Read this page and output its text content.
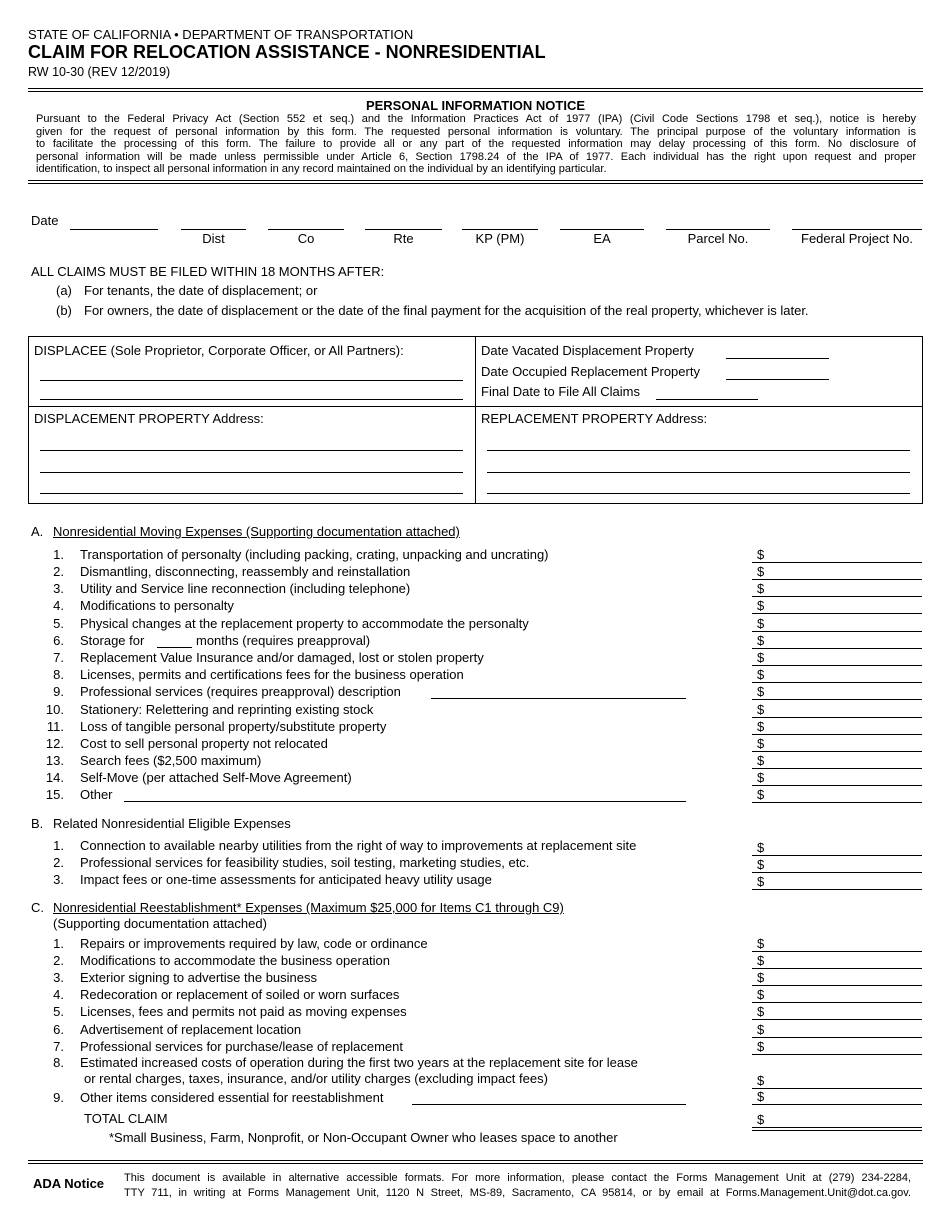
STATE OF CALIFORNIA • DEPARTMENT OF TRANSPORTATION
CLAIM FOR RELOCATION ASSISTANCE - NONRESIDENTIAL
RW 10-30 (REV 12/2019)
PERSONAL INFORMATION NOTICE
Pursuant to the Federal Privacy Act (Section 552 et seq.) and the Information Practices Act of 1977 (IPA) (Civil Code Sections 1798 et seq.), notice is hereby
given for the request of personal information by this form. The requested personal information is voluntary. The principal purpose of the voluntary information is
to facilitate the processing of this form. The failure to provide all or any part of the requested information may delay processing of this form. No disclosure of
personal information will be made unless permissible under Article 6, Section 1798.24 of the IPA of 1977. Each individual has the right upon request and proper
identification, to inspect all personal information in any record maintained on the individual by an identifying particular.
Date
Dist	Co	Rte	KP (PM)	EA	Parcel No.	Federal Project No.
ALL CLAIMS MUST BE FILED WITHIN 18 MONTHS AFTER:
(a) For tenants, the date of displacement; or
(b) For owners, the date of displacement or the date of the final payment for the acquisition of the real property, whichever is later.
DISPLACEE (Sole Proprietor, Corporate Officer, or All Partners):	Date Vacated Displacement Property
Date Occupied Replacement Property
Final Date to File All Claims
DISPLACEMENT PROPERTY Address:	REPLACEMENT PROPERTY Address:
A. Nonresidential Moving Expenses (Supporting documentation attached)
1. Transportation of personalty (including packing, crating, unpacking and uncrating)	$
2. Dismantling, disconnecting, reassembly and reinstallation	$
3. Utility and Service line reconnection (including telephone)	$
4. Modifications to personalty	$
5. Physical changes at the replacement property to accommodate the personalty	$
6. Storage for	months (requires preapproval)	$
7. Replacement Value Insurance and/or damaged, lost or stolen property	$
8. Licenses, permits and certifications fees for the business operation	$
9. Professional services (requires preapproval) description	$
10. Stationery: Relettering and reprinting existing stock	$
11. Loss of tangible personal property/substitute property	$
12. Cost to sell personal property not relocated	$
13. Search fees ($2,500 maximum)	$
14. Self-Move (per attached Self-Move Agreement)	$
15. Other	$
B. Related Nonresidential Eligible Expenses
1. Connection to available nearby utilities from the right of way to improvements at replacement site	$
2. Professional services for feasibility studies, soil testing, marketing studies, etc.	$
3. Impact fees or one-time assessments for anticipated heavy utility usage	$
C. Nonresidential Reestablishment* Expenses (Maximum $25,000 for Items C1 through C9)
(Supporting documentation attached)
1. Repairs or improvements required by law, code or ordinance	$
2. Modifications to accommodate the business operation	$
3. Exterior signing to advertise the business	$
4. Redecoration or replacement of soiled or worn surfaces	$
5. Licenses, fees and permits not paid as moving expenses	$
6. Advertisement of replacement location	$
7. Professional services for purchase/lease of replacement	$
8. Estimated increased costs of operation during the first two years at the replacement site for lease
or rental charges, taxes, insurance, and/or utility charges (excluding impact fees)	$
9. Other items considered essential for reestablishment	$
TOTAL CLAIM	$
*Small Business, Farm, Nonprofit, or Non-Occupant Owner who leases space to another
ADA Notice This document is available in alternative accessible formats. For more information, please contact the Forms Management Unit at (279) 234-2284,
TTY 711, in writing at Forms Management Unit, 1120 N Street, MS-89, Sacramento, CA 95814, or by email at Forms.Management.Unit@dot.ca.gov.
